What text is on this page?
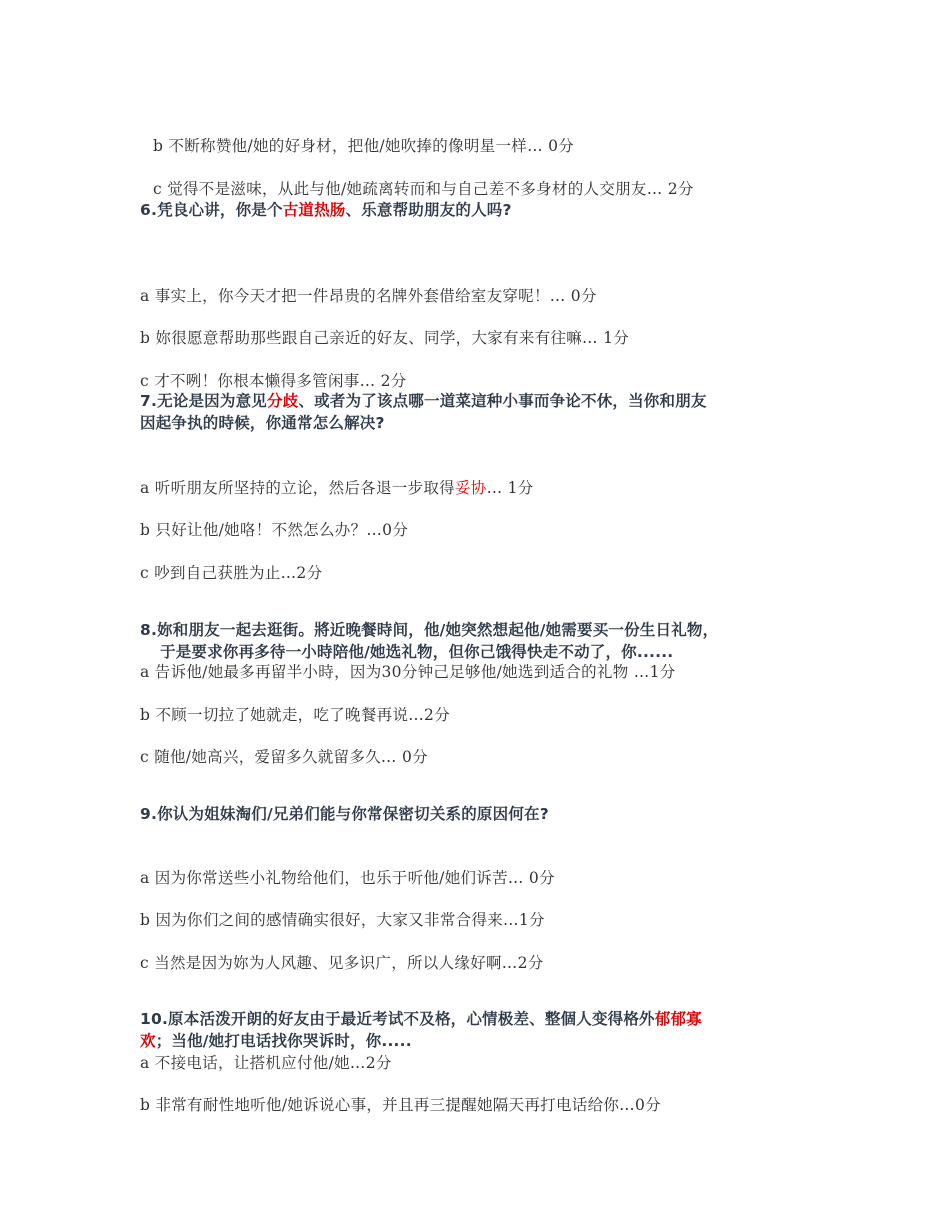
b 不断称赞他/她的好身材，把他/她吹捧的像明星一样… 0分
c 觉得不是滋味，从此与他/她疏离转而和与自己差不多身材的人交朋友… 2分
6.凭良心讲，你是个古道热肠、乐意帮助朋友的人吗?
a 事实上，你今天才把一件昂贵的名牌外套借给室友穿呢！… 0分
b 妳很愿意帮助那些跟自己亲近的好友、同学，大家有来有往嘛… 1分
c 才不咧！你根本懒得多管闲事… 2分
7.无论是因为意见分歧、或者为了该点哪一道菜這种小事而争论不休，当你和朋友
因起争执的時候，你通常怎么解决?
a 听听朋友所坚持的立论，然后各退一步取得妥协… 1分
b 只好让他/她咯！不然怎么办？…0分
c 吵到自己获胜为止…2分
8.妳和朋友一起去逛街。將近晚餐時间，他/她突然想起他/她需要买一份生日礼物，
于是要求你再多待一小時陪他/她选礼物，但你己饿得快走不动了，你......
a 告诉他/她最多再留半小時，因为30分钟己足够他/她选到适合的礼物 …1分
b 不顾一切拉了她就走，吃了晚餐再说…2分
c 随他/她高兴，爱留多久就留多久… 0分
9.你认为姐妹淘们/兄弟们能与你常保密切关系的原因何在?
a 因为你常送些小礼物给他们，也乐于听他/她们诉苦… 0分
b 因为你们之间的感情确实很好，大家又非常合得来…1分
c 当然是因为妳为人风趣、见多识广，所以人缘好啊…2分
10.原本活泼开朗的好友由于最近考试不及格，心情极差、整個人变得格外郁郁寡
欢；当他/她打电话找你哭诉时，你.....
a 不接电话，让搭机应付他/她…2分
b 非常有耐性地听他/她诉说心事，并且再三提醒她隔天再打电话给你…0分
